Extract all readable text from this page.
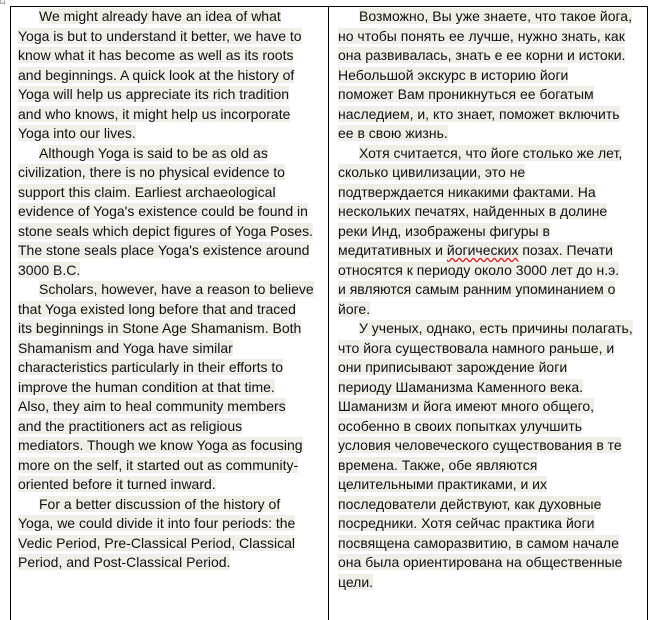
⊡
We might already have an idea of what
Yoga is but to understand it better, we have to
know what it has become as well as its roots
and beginnings. A quick look at the history of
Yoga will help us appreciate its rich tradition
and who knows, it might help us incorporate
Yoga into our lives.
Although Yoga is said to be as old as
civilization, there is no physical evidence to
support this claim. Earliest archaeological
evidence of Yoga's existence could be found in
stone seals which depict figures of Yoga Poses.
The stone seals place Yoga's existence around
3000 B.C.
Scholars, however, have a reason to believe
that Yoga existed long before that and traced
its beginnings in Stone Age Shamanism. Both
Shamanism and Yoga have similar
characteristics particularly in their efforts to
improve the human condition at that time.
Also, they aim to heal community members
and the practitioners act as religious
mediators. Though we know Yoga as focusing
more on the self, it started out as community-
oriented before it turned inward.
For a better discussion of the history of
Yoga, we could divide it into four periods: the
Vedic Period, Pre-Classical Period, Classical
Period, and Post-Classical Period.
Возможно, Вы уже знаете, что такое йога,
но чтобы понять ее лучше, нужно знать, как
она развивалась, знать е ее корни и истоки.
Небольшой экскурс в историю йоги
поможет Вам проникнуться ее богатым
наследием, и, кто знает, поможет включить
ее в свою жизнь.
Хотя считается, что йоге столько же лет,
сколько цивилизации, это не
подтверждается никакими фактами. На
нескольких печатях, найденных в долине
реки Инд, изображены фигуры в
медитативных и йогических позах. Печати
относятся к периоду около 3000 лет до н.э.
и являются самым ранним упоминанием о
йоге.
У ученых, однако, есть причины полагать,
что йога существовала намного раньше, и
они приписывают зарождение йоги
периоду Шаманизма Каменного века.
Шаманизм и йога имеют много общего,
особенно в своих попытках улучшить
условия человеческого существования в те
времена. Также, обе являются
целительными практиками, и их
последователи действуют, как духовные
посредники. Хотя сейчас практика йоги
посвящена саморазвитию, в самом начале
она была ориентирована на общественные
цели.
